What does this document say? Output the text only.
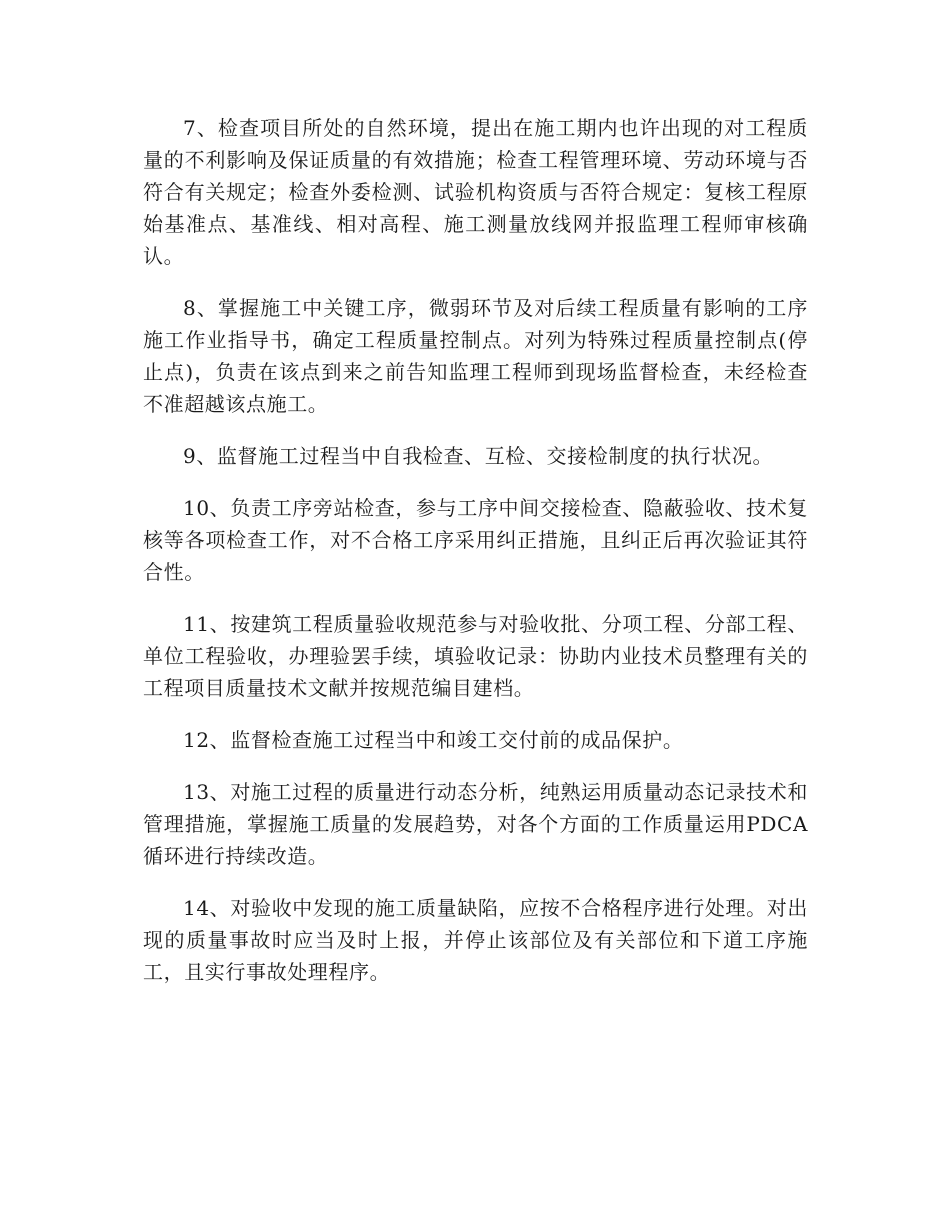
7、检查项目所处的自然环境，提出在施工期内也许出现的对工程质量的不利影响及保证质量的有效措施；检查工程管理环境、劳动环境与否符合有关规定；检查外委检测、试验机构资质与否符合规定：复核工程原始基准点、基准线、相对高程、施工测量放线网并报监理工程师审核确认。

8、掌握施工中关键工序，微弱环节及对后续工程质量有影响的工序施工作业指导书，确定工程质量控制点。对列为特殊过程质量控制点(停止点)，负责在该点到来之前告知监理工程师到现场监督检查，未经检查不准超越该点施工。

9、监督施工过程当中自我检查、互检、交接检制度的执行状况。

10、负责工序旁站检查，参与工序中间交接检查、隐蔽验收、技术复核等各项检查工作，对不合格工序采用纠正措施，且纠正后再次验证其符合性。

11、按建筑工程质量验收规范参与对验收批、分项工程、分部工程、单位工程验收，办理验罢手续，填验收记录：协助内业技术员整理有关的工程项目质量技术文献并按规范编目建档。

12、监督检查施工过程当中和竣工交付前的成品保护。

13、对施工过程的质量进行动态分析，纯熟运用质量动态记录技术和管理措施，掌握施工质量的发展趋势，对各个方面的工作质量运用PDCA循环进行持续改造。

14、对验收中发现的施工质量缺陷，应按不合格程序进行处理。对出现的质量事故时应当及时上报，并停止该部位及有关部位和下道工序施工，且实行事故处理程序。
